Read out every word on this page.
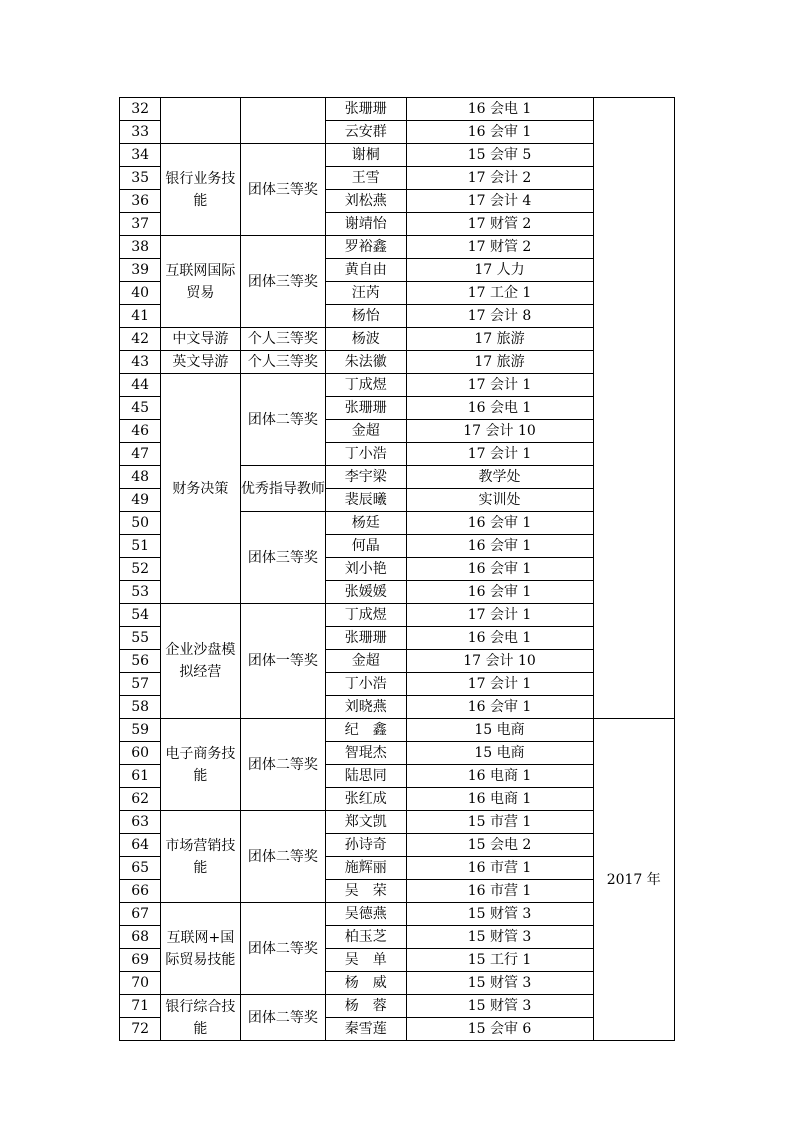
32			张珊珊	16 会电 1	
33			云安群	16 会审 1	
34	银行业务技能	团体三等奖	谢桐	15 会审 5	
35			王雪	17 会计 2	
36			刘松燕	17 会计 4	
37			谢靖怡	17 财管 2	
38	互联网国际贸易	团体三等奖	罗裕鑫	17 财管 2	
39			黄自由	17 人力	
40			汪芮	17 工企 1	
41			杨怡	17 会计 8	
42	中文导游	个人三等奖	杨波	17 旅游	
43	英文导游	个人三等奖	朱法徽	17 旅游	
44	财务决策	团体二等奖	丁成煜	17 会计 1	
45			张珊珊	16 会电 1	
46			金超	17 会计 10	
47			丁小浩	17 会计 1	
48		优秀指导教师	李宇梁	教学处	
49			裴辰曦	实训处	
50		团体三等奖	杨廷	16 会审 1	
51			何晶	16 会审 1	
52			刘小艳	16 会审 1	
53			张媛媛	16 会审 1	
54	企业沙盘模拟经营	团体一等奖	丁成煜	17 会计 1	
55			张珊珊	16 会电 1	
56			金超	17 会计 10	
57			丁小浩	17 会计 1	
58			刘晓燕	16 会审 1	
59	电子商务技能	团体二等奖	纪　鑫	15 电商	2017 年
60			智琨杰	15 电商	
61			陆思同	16 电商 1	
62			张红成	16 电商 1	
63	市场营销技能	团体二等奖	郑文凯	15 市营 1	
64			孙诗奇	15 会电 2	
65			施辉丽	16 市营 1	
66			吴　荣	16 市营 1	
67	互联网+国际贸易技能	团体二等奖	吴德燕	15 财管 3	
68			柏玉芝	15 财管 3	
69			吴　单	15 工行 1	
70			杨　威	15 财管 3	
71	银行综合技能	团体二等奖	杨　蓉	15 财管 3	
72			秦雪莲	15 会审 6	
